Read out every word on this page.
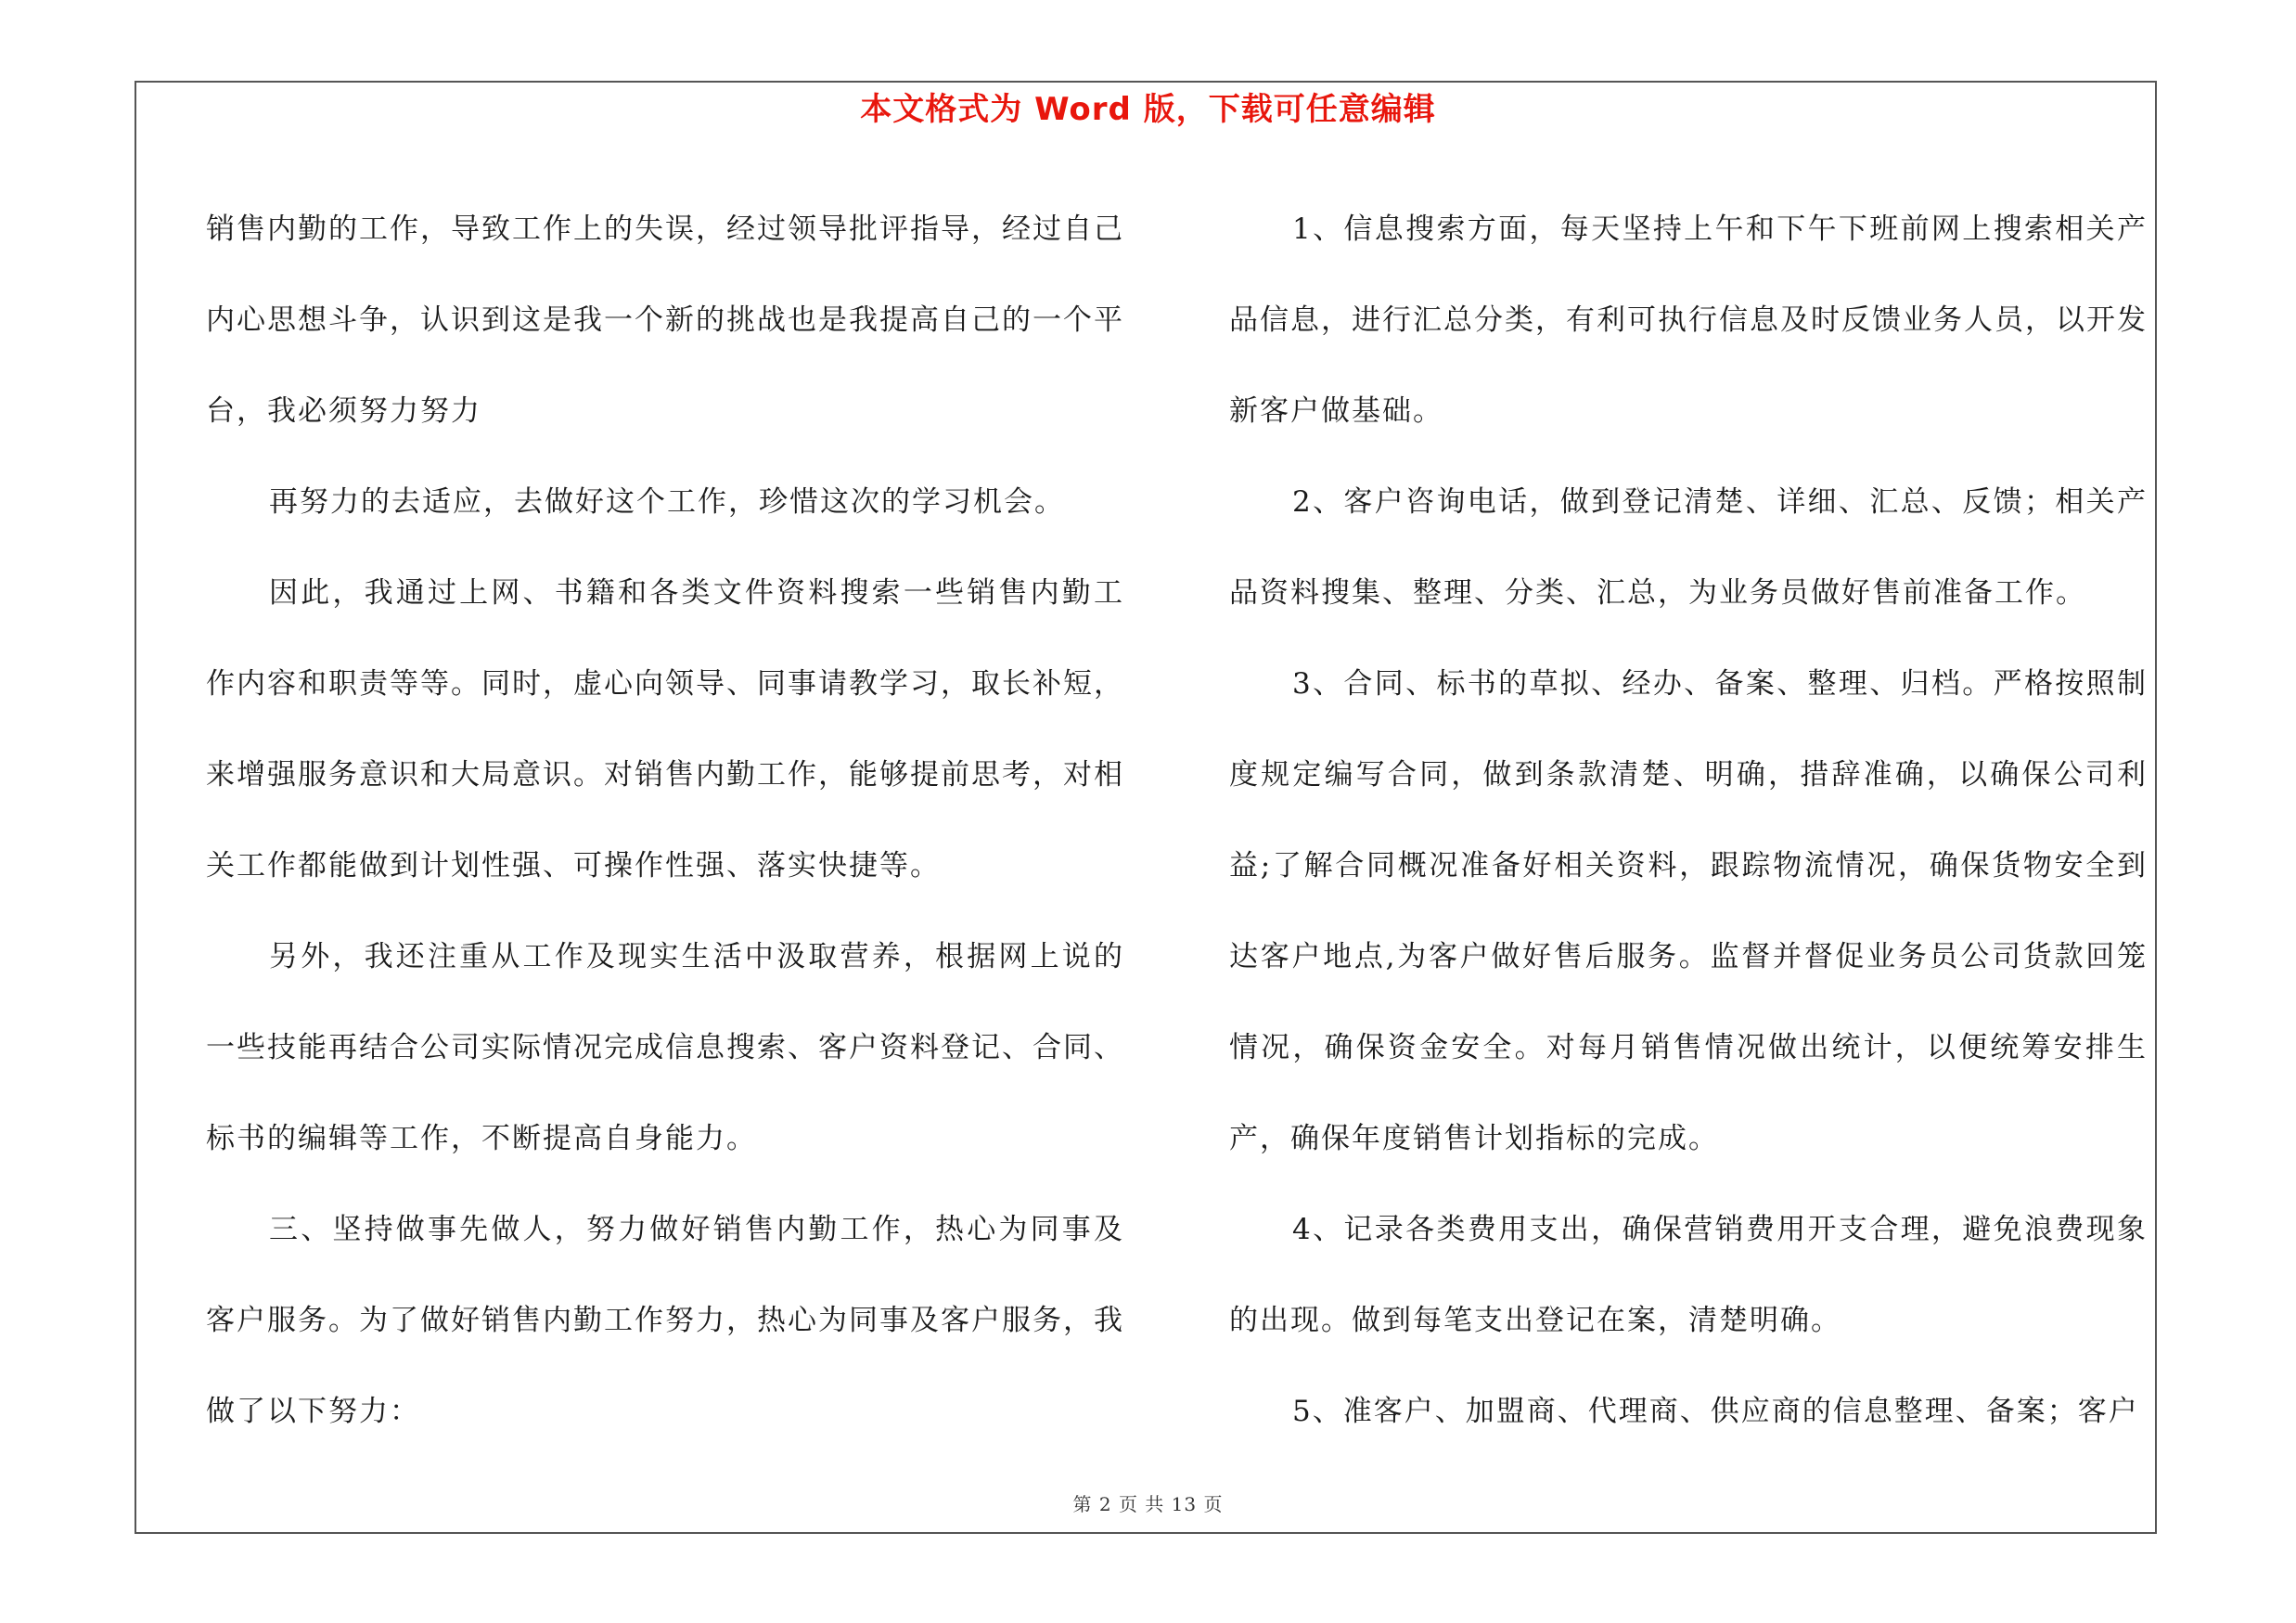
本文格式为 Word 版，下载可任意编辑

销售内勤的工作，导致工作上的失误，经过领导批评指导，经过自己内心思想斗争，认识到这是我一个新的挑战也是我提高自己的一个平台，我必须努力努力

再努力的去适应，去做好这个工作，珍惜这次的学习机会。

因此，我通过上网、书籍和各类文件资料搜索一些销售内勤工作内容和职责等等。同时，虚心向领导、同事请教学习，取长补短，来增强服务意识和大局意识。对销售内勤工作，能够提前思考，对相关工作都能做到计划性强、可操作性强、落实快捷等。

另外，我还注重从工作及现实生活中汲取营养，根据网上说的一些技能再结合公司实际情况完成信息搜索、客户资料登记、合同、标书的编辑等工作，不断提高自身能力。

三、坚持做事先做人，努力做好销售内勤工作，热心为同事及客户服务。为了做好销售内勤工作努力，热心为同事及客户服务，我做了以下努力：

1、信息搜索方面，每天坚持上午和下午下班前网上搜索相关产品信息，进行汇总分类，有利可执行信息及时反馈业务人员，以开发新客户做基础。

2、客户咨询电话，做到登记清楚、详细、汇总、反馈；相关产品资料搜集、整理、分类、汇总，为业务员做好售前准备工作。

3、合同、标书的草拟、经办、备案、整理、归档。严格按照制度规定编写合同，做到条款清楚、明确，措辞准确，以确保公司利益;了解合同概况准备好相关资料，跟踪物流情况，确保货物安全到达客户地点,为客户做好售后服务。监督并督促业务员公司货款回笼情况，确保资金安全。对每月销售情况做出统计，以便统筹安排生产，确保年度销售计划指标的完成。

4、记录各类费用支出，确保营销费用开支合理，避免浪费现象的出现。做到每笔支出登记在案，清楚明确。

5、准客户、加盟商、代理商、供应商的信息整理、备案；客户

第 2 页 共 13 页
